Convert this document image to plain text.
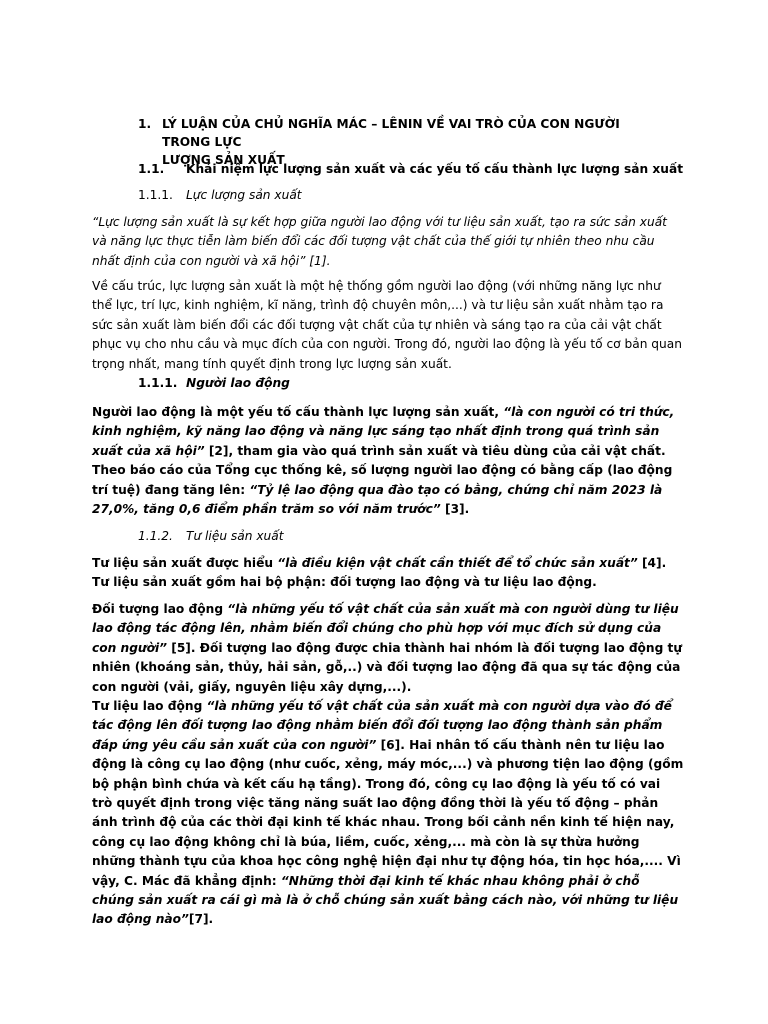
1. LÝ LUẬN CỦA CHỦ NGHĨA MÁC – LÊNIN VỀ VAI TRÒ CỦA CON NGƯỜI TRONG LỰC
LƯỢNG SẢN XUẤT
1.1. Khái niệm lực lượng sản xuất và các yếu tố cấu thành lực lượng sản xuất
1.1.1. Lực lượng sản xuất

“Lực lượng sản xuất là sự kết hợp giữa người lao động với tư liệu sản xuất, tạo ra sức sản xuất và năng lực thực tiễn làm biến đổi các đối tượng vật chất của thế giới tự nhiên theo nhu cầu nhất định của con người và xã hội” [1].

Về cấu trúc, lực lượng sản xuất là một hệ thống gồm người lao động (với những năng lực như thể lực, trí lực, kinh nghiệm, kĩ năng, trình độ chuyên môn,...) và tư liệu sản xuất nhằm tạo ra sức sản xuất làm biến đổi các đối tượng vật chất của tự nhiên và sáng tạo ra của cải vật chất phục vụ cho nhu cầu và mục đích của con người. Trong đó, người lao động là yếu tố cơ bản quan trọng nhất, mang tính quyết định trong lực lượng sản xuất.

1.1.1. Người lao động

Người lao động là một yếu tố cấu thành lực lượng sản xuất, “là con người có tri thức, kinh nghiệm, kỹ năng lao động và năng lực sáng tạo nhất định trong quá trình sản xuất của xã hội” [2], tham gia vào quá trình sản xuất và tiêu dùng của cải vật chất. Theo báo cáo của Tổng cục thống kê, số lượng người lao động có bằng cấp (lao động trí tuệ) đang tăng lên: “Tỷ lệ lao động qua đào tạo có bằng, chứng chỉ năm 2023 là 27,0%, tăng 0,6 điểm phần trăm so với năm trước” [3].

1.1.2. Tư liệu sản xuất

Tư liệu sản xuất được hiểu “là điều kiện vật chất cần thiết để tổ chức sản xuất” [4]. Tư liệu sản xuất gồm hai bộ phận: đối tượng lao động và tư liệu lao động.

Đối tượng lao động “là những yếu tố vật chất của sản xuất mà con người dùng tư liệu lao động tác động lên, nhằm biến đổi chúng cho phù hợp với mục đích sử dụng của con người” [5]. Đối tượng lao động được chia thành hai nhóm là đối tượng lao động tự nhiên (khoáng sản, thủy, hải sản, gỗ,..) và đối tượng lao động đã qua sự tác động của con người (vải, giấy, nguyên liệu xây dựng,...).

Tư liệu lao động “là những yếu tố vật chất của sản xuất mà con người dựa vào đó để tác động lên đối tượng lao động nhằm biến đổi đối tượng lao động thành sản phẩm đáp ứng yêu cầu sản xuất của con người” [6]. Hai nhân tố cấu thành nên tư liệu lao động là công cụ lao động (như cuốc, xẻng, máy móc,...) và phương tiện lao động (gồm bộ phận bình chứa và kết cấu hạ tầng). Trong đó, công cụ lao động là yếu tố có vai trò quyết định trong việc tăng năng suất lao động đồng thời là yếu tố động – phản ánh trình độ của các thời đại kinh tế khác nhau. Trong bối cảnh nền kinh tế hiện nay, công cụ lao động không chỉ là búa, liềm, cuốc, xẻng,... mà còn là sự thừa hưởng những thành tựu của khoa học công nghệ hiện đại như tự động hóa, tin học hóa,.... Vì vậy, C. Mác đã khẳng định: “Những thời đại kinh tế khác nhau không phải ở chỗ chúng sản xuất ra cái gì mà là ở chỗ chúng sản xuất bằng cách nào, với những tư liệu lao động nào”[7].
